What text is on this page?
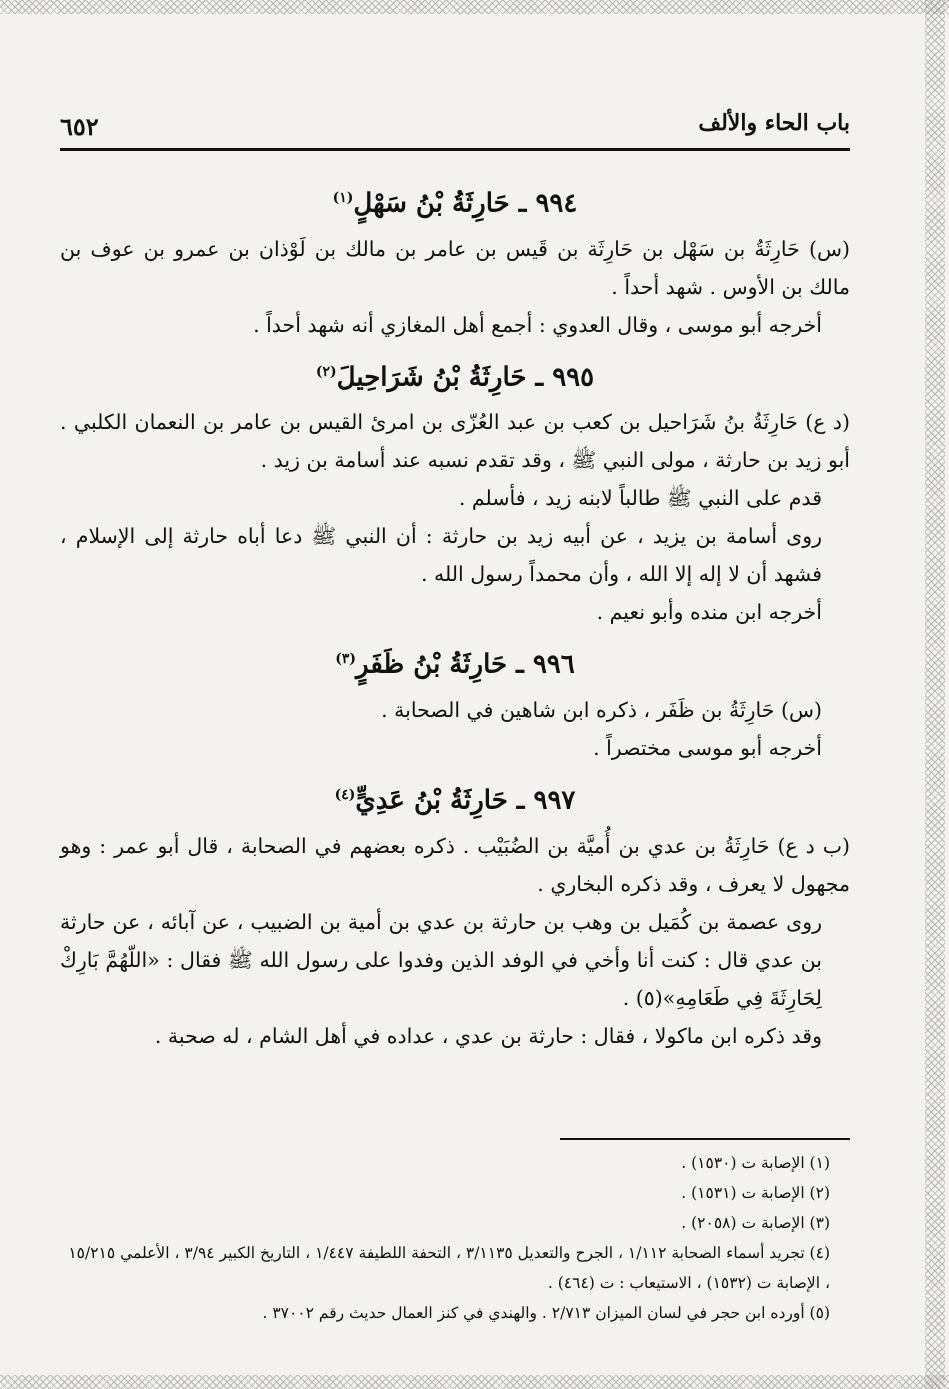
باب الحاء والألف
٦٥٢
٩٩٤ ـ حَارِثَةُ بْنُ سَهْلٍ$^{(١)}$

(س) حَارِثَةُ بن سَهْل بن حَارِثَة بن قَيس بن عامر بن مالك بن لَوْذان بن عمرو بن عوف بن مالك بن الأوس . شهد أحداً .

أخرجه أبو موسى ، وقال العدوي : أجمع أهل المغازي أنه شهد أحداً .

٩٩٥ ـ حَارِثَةُ بْنُ شَرَاحِيلَ$^{(٢)}$

(د ع) حَارِثَةُ بنُ شَرَاحيل بن كعب بن عبد العُزّى بن امرئ القيس بن عامر بن النعمان الكلبي . أبو زيد بن حارثة ، مولى النبي ﷺ ، وقد تقدم نسبه عند أسامة بن زيد .

قدم على النبي ﷺ طالباً لابنه زيد ، فأسلم .

روى أسامة بن يزيد ، عن أبيه زيد بن حارثة : أن النبي ﷺ دعا أباه حارثة إلى الإسلام ، فشهد أن لا إله إلا الله ، وأن محمداً رسول الله .

أخرجه ابن منده وأبو نعيم .

٩٩٦ ـ حَارِثَةُ بْنُ ظَفَرٍ$^{(٣)}$

(س) حَارِثَةُ بن ظَفَر ، ذكره ابن شاهين في الصحابة .

أخرجه أبو موسى مختصراً .

٩٩٧ ـ حَارِثَةُ بْنُ عَدِيٍّ$^{(٤)}$

(ب د ع) حَارِثَةُ بن عدي بن أُميَّة بن الضُبَيْب . ذكره بعضهم في الصحابة ، قال أبو عمر : وهو مجهول لا يعرف ، وقد ذكره البخاري .

روى عصمة بن كُمَيل بن وهب بن حارثة بن عدي بن أمية بن الضبيب ، عن آبائه ، عن حارثة بن عدي قال : كنت أنا وأخي في الوفد الذين وفدوا على رسول الله ﷺ فقال : «اللّهُمَّ بَارِكْ لِحَارِثَةَ فِي طَعَامِهِ»(٥) .

وقد ذكره ابن ماكولا ، فقال : حارثة بن عدي ، عداده في أهل الشام ، له صحبة .

(١) الإصابة ت (١٥٣٠) .

(٢) الإصابة ت (١٥٣١) .

(٣) الإصابة ت (٢٠٥٨) .

(٤) تجريد أسماء الصحابة ١/١١٢ ، الجرح والتعديل ٣/١١٣٥ ، التحفة اللطيفة ١/٤٤٧ ، التاريخ الكبير ٣/٩٤ ، الأعلمي ١٥/٢١٥ ، الإصابة ت (١٥٣٢) ، الاستيعاب : ت (٤٦٤) .

(٥) أورده ابن حجر في لسان الميزان ٢/٧١٣ . والهندي في كنز العمال حديث رقم ٣٧٠٠٢ .
